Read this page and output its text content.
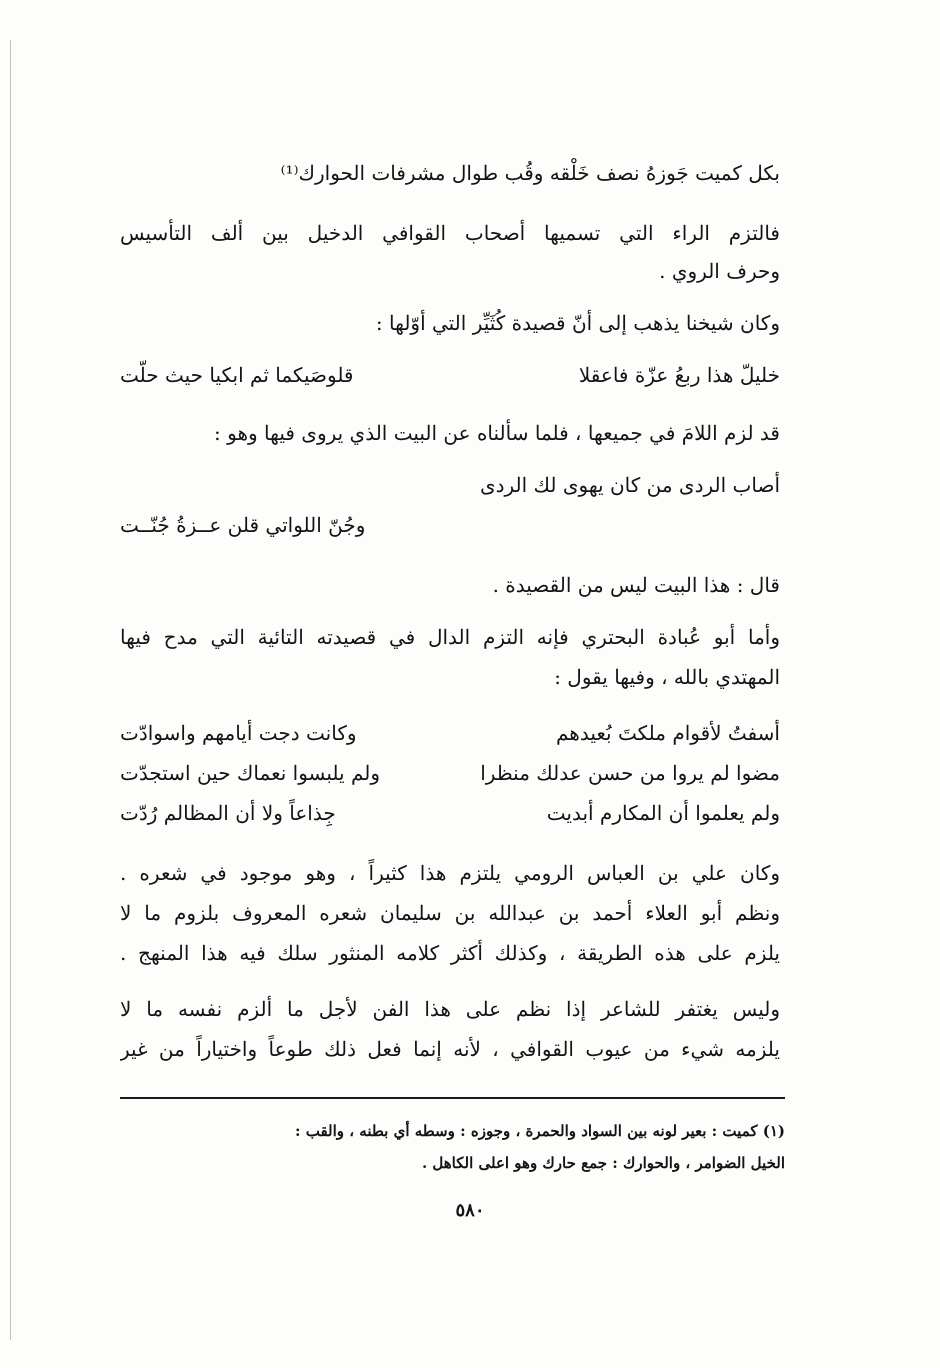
بكل كميت جَوزهُ نصف خَلْقه وقُب طوال مشرفات الحوارك⁽¹⁾
فالتزم الراء التي تسميها أصحاب القوافي الدخيل بين ألف التأسيس
وحرف الروي .
وكان شيخنا يذهب إلى أنّ قصيدة كُثَيِّر التي أوّلها :
خليلّ هذا ربعُ عزّة فاعقلا
قلوصَيكما ثم ابكيا حيث حلّت
قد لزم اللامَ في جميعها ، فلما سألناه عن البيت الذي يروى فيها وهو :
أصاب الردى من كان يهوى لك الردى
وجُنّ اللواتي قلن عــزةُ جُنّــت
قال : هذا البيت ليس من القصيدة .
وأما أبو عُبادة البحتري فإنه التزم الدال في قصيدته التائية التي مدح فيها
المهتدي بالله ، وفيها يقول :
أسفتُ لأقوام ملكتَ بُعيدهم
وكانت دجت أيامهم واسوادّت
مضوا لم يروا من حسن عدلك منظرا
ولم يلبسوا نعماك حين استجدّت
ولم يعلموا أن المكارم أبديت
جِذاعاً ولا أن المظالم رُدّت
وكان علي بن العباس الرومي يلتزم هذا كثيراً ، وهو موجود في شعره .
ونظم أبو العلاء أحمد بن عبدالله بن سليمان شعره المعروف بلزوم ما لا
يلزم على هذه الطريقة ، وكذلك أكثر كلامه المنثور سلك فيه هذا المنهج .
وليس يغتفر للشاعر إذا نظم على هذا الفن لأجل ما ألزم نفسه ما لا
يلزمه شيء من عيوب القوافي ، لأنه إنما فعل ذلك طوعاً واختياراً من غير
(١) كميت : بعير لونه بين السواد والحمرة ، وجوزه : وسطه أي بطنه ، والقب :
الخيل الضوامر ، والحوارك : جمع حارك وهو اعلى الكاهل .
٥٨٠
